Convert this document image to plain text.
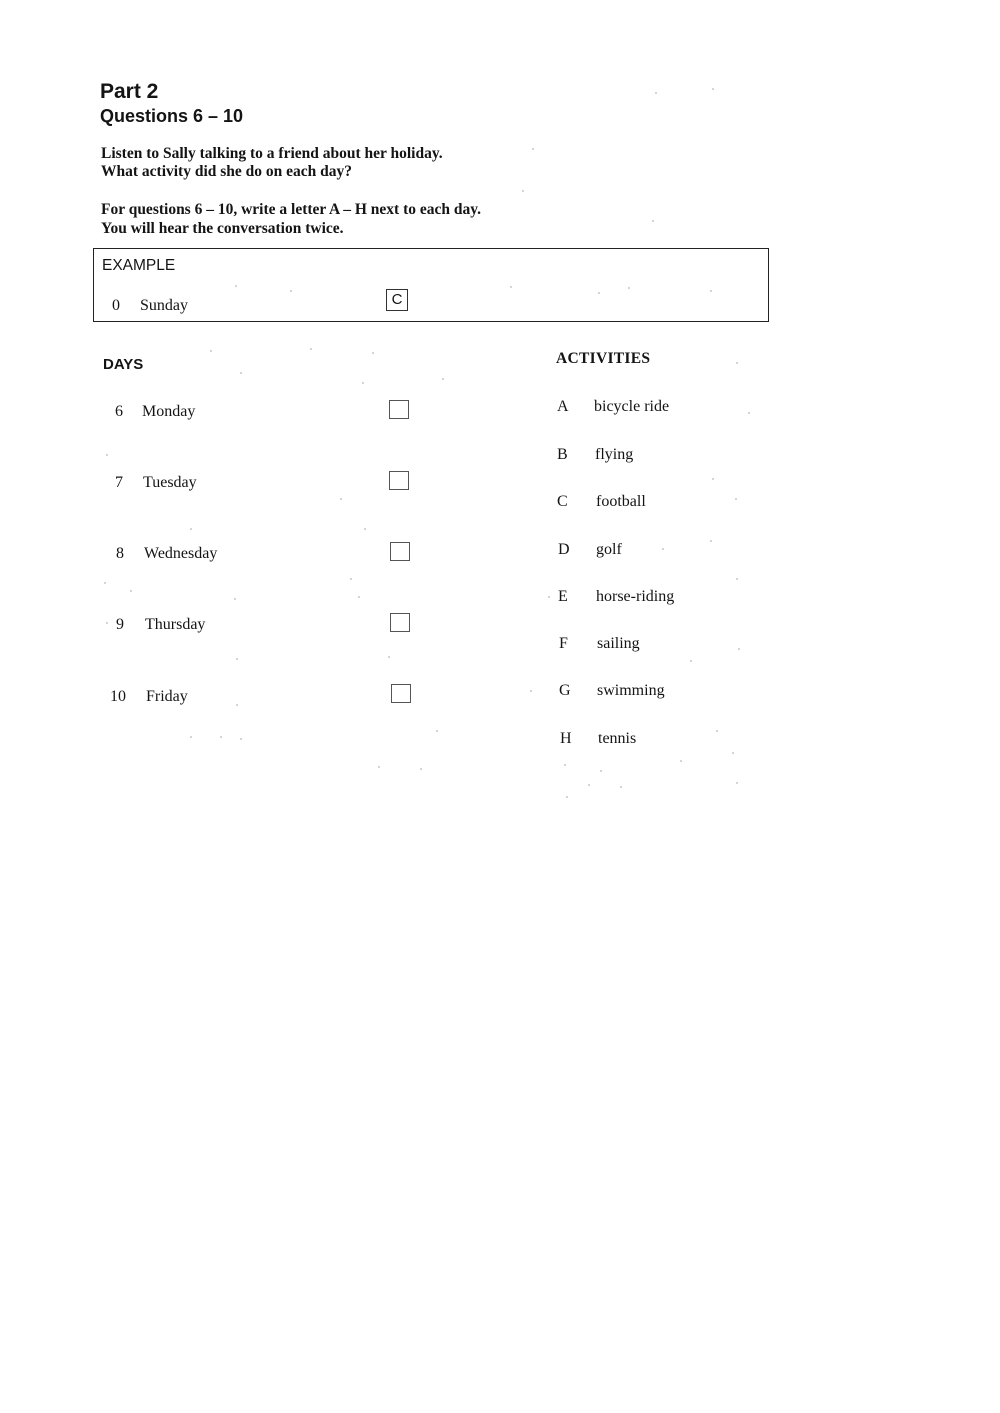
Part 2
Questions 6 – 10
Listen to Sally talking to a friend about her holiday.
What activity did she do on each day?
For questions 6 – 10, write a letter A – H next to each day.
You will hear the conversation twice.
EXAMPLE
0 Sunday	C
DAYS	ACTIVITIES
6 Monday
7 Tuesday
8 Wednesday
9 Thursday
10 Friday
A bicycle ride
B flying
C football
D golf
E horse-riding
F sailing
G swimming
H tennis
